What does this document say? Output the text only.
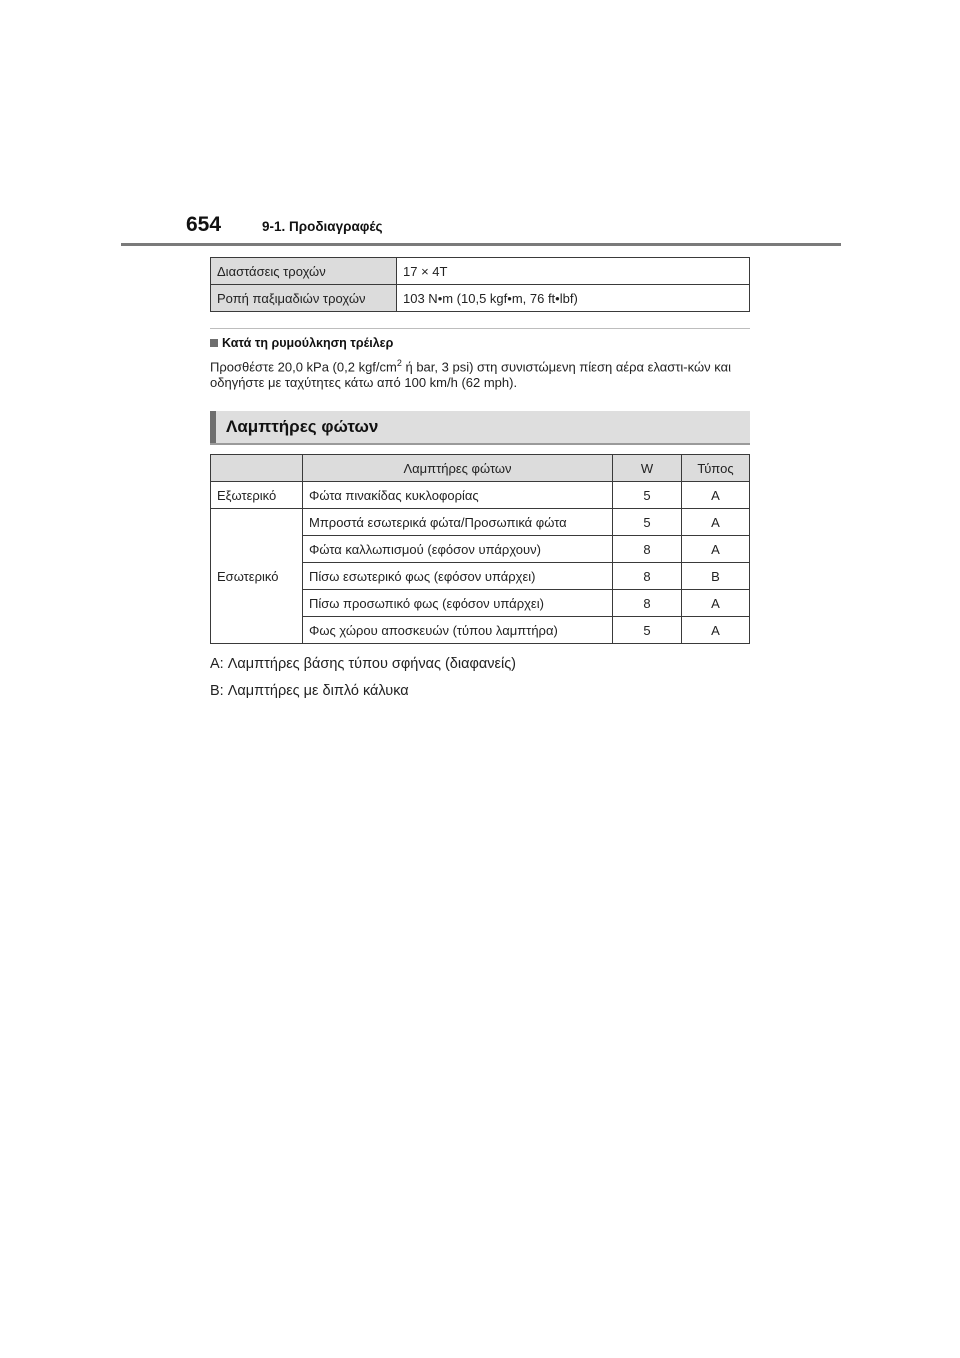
654	9-1. Προδιαγραφές
Διαστάσεις τροχών	17 × 4T
Ροπή παξιμαδιών τροχών	103 N•m (10,5 kgf•m, 76 ft•lbf)
Κατά τη ρυμούλκηση τρέιλερ
Προσθέστε 20,0 kPa (0,2 kgf/$cm^2$ ή bar, 3 psi) στη συνιστώμενη πίεση αέρα ελαστι-κών και οδηγήστε με ταχύτητες κάτω από 100 km/h (62 mph).
Λαμπτήρες φώτων
	Λαμπτήρες φώτων	W	Τύπος
Εξωτερικό	Φώτα πινακίδας κυκλοφορίας	5	A
Εσωτερικό	Μπροστά εσωτερικά φώτα/Προσωπικά φώτα	5	A
	Φώτα καλλωπισμού (εφόσον υπάρχουν)	8	A
	Πίσω εσωτερικό φως (εφόσον υπάρχει)	8	B
	Πίσω προσωπικό φως (εφόσον υπάρχει)	8	A
	Φως χώρου αποσκευών (τύπου λαμπτήρα)	5	A
A: Λαμπτήρες βάσης τύπου σφήνας (διαφανείς)
B: Λαμπτήρες με διπλό κάλυκα
